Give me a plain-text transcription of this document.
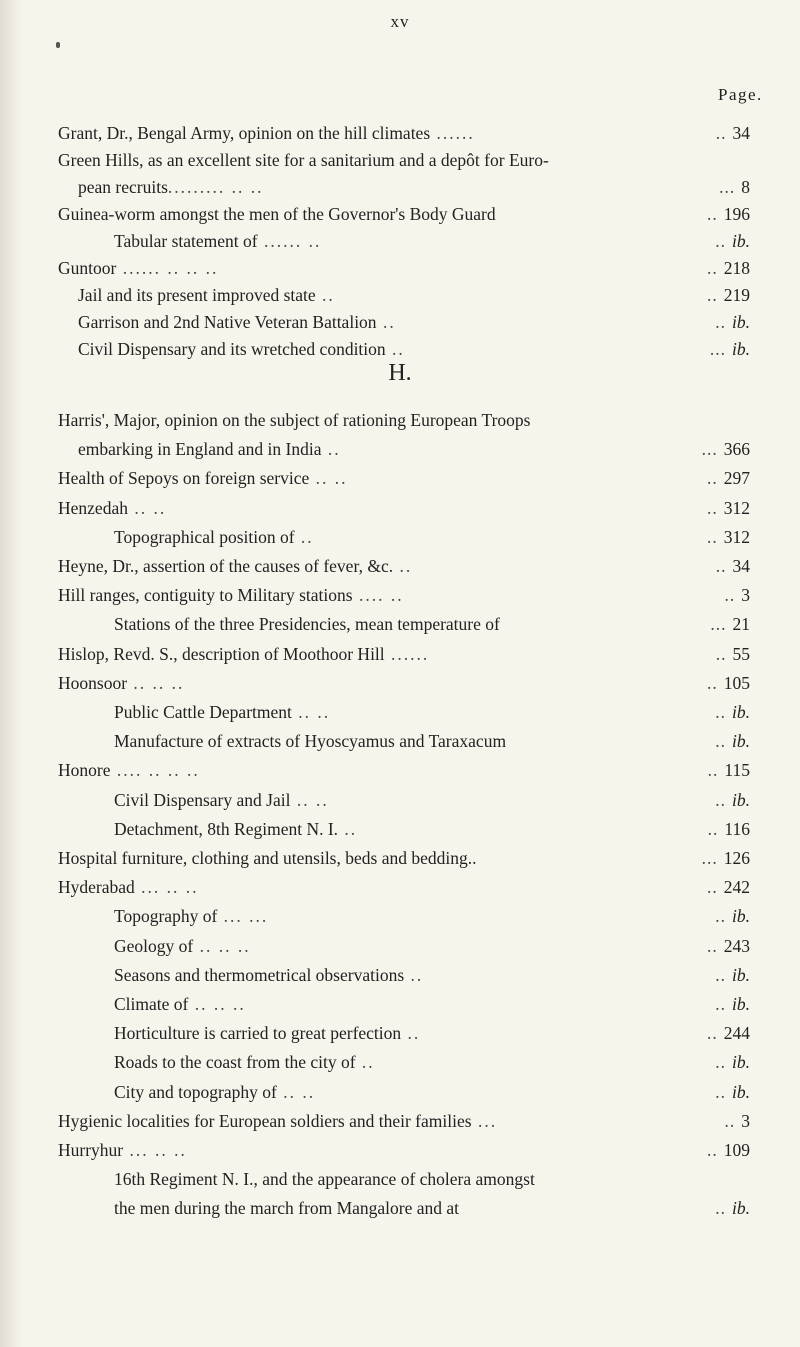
xv
Page.
Grant, Dr., Bengal Army, opinion on the hill climates ......	.. 34
Green Hills, as an excellent site for a sanitarium and a depôt for Euro-
pean recruits......... .. ..	... 8
Guinea-worm amongst the men of the Governor's Body Guard	.. 196
Tabular statement of ...... ..	.. ib.
Guntoor ...... .. .. ..	.. 218
Jail and its present improved state ..	.. 219
Garrison and 2nd Native Veteran Battalion ..	.. ib.
Civil Dispensary and its wretched condition ..	... ib.
H.
Harris', Major, opinion on the subject of rationing European Troops
embarking in England and in India ..	... 366
Health of Sepoys on foreign service .. ..	.. 297
Henzedah .. ..	.. 312
Topographical position of ..	.. 312
Heyne, Dr., assertion of the causes of fever, &c. ..	.. 34
Hill ranges, contiguity to Military stations .... ..	.. 3
Stations of the three Presidencies, mean temperature of	... 21
Hislop, Revd. S., description of Moothoor Hill ......	.. 55
Hoonsoor .. .. ..	.. 105
Public Cattle Department .. ..	.. ib.
Manufacture of extracts of Hyoscyamus and Taraxacum	.. ib.
Honore .... .. .. ..	.. 115
Civil Dispensary and Jail .. ..	.. ib.
Detachment, 8th Regiment N. I. ..	.. 116
Hospital furniture, clothing and utensils, beds and bedding..	... 126
Hyderabad ... .. ..	.. 242
Topography of ... ...	.. ib.
Geology of .. .. ..	.. 243
Seasons and thermometrical observations ..	.. ib.
Climate of .. .. ..	.. ib.
Horticulture is carried to great perfection ..	.. 244
Roads to the coast from the city of ..	.. ib.
City and topography of .. ..	.. ib.
Hygienic localities for European soldiers and their families ...	.. 3
Hurryhur ... .. ..	.. 109
16th Regiment N. I., and the appearance of cholera amongst
the men during the march from Mangalore and at	.. ib.
